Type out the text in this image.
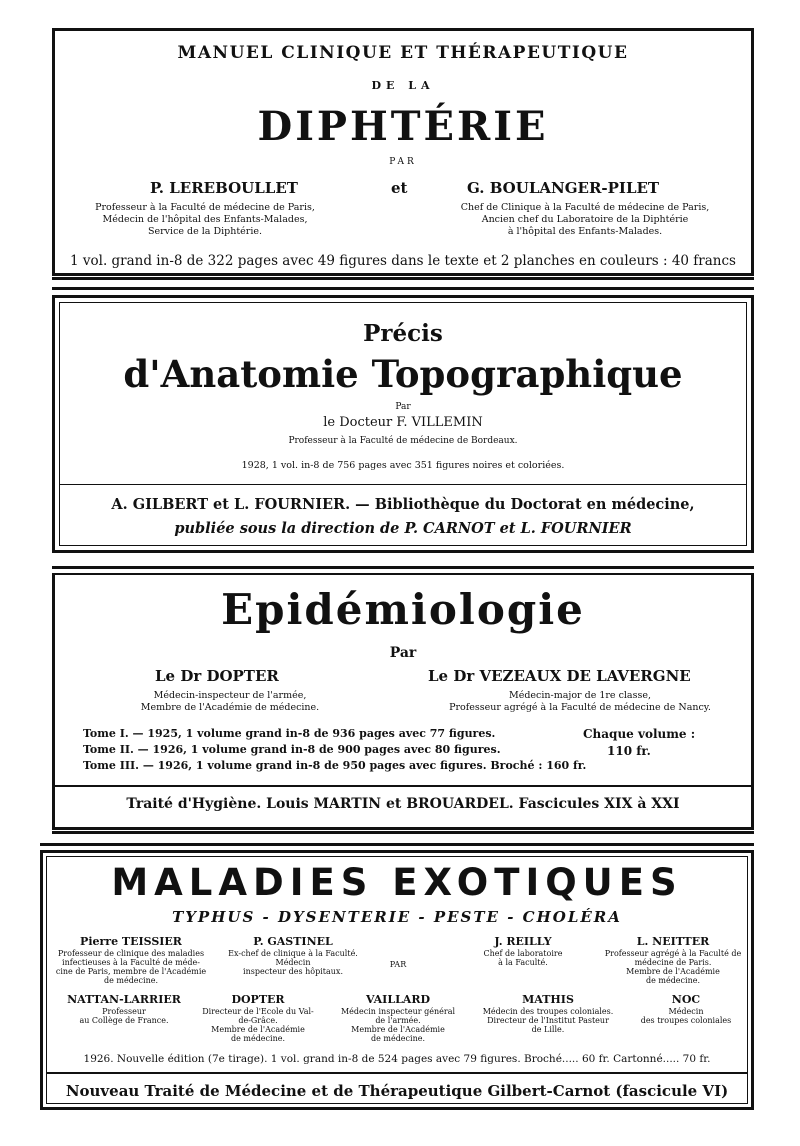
MANUEL CLINIQUE ET THÉRAPEUTIQUE
DE LA
DIPHTÉRIE
PAR
P. LEREBOULLET
Professeur à la Faculté de médecine de Paris,
Médecin de l'hôpital des Enfants-Malades,
Service de la Diphtérie.
et	G. BOULANGER-PILET
Chef de Clinique à la Faculté de médecine de Paris,
Ancien chef du Laboratoire de la Diphtérie
à l'hôpital des Enfants-Malades.
1 vol. grand in-8 de 322 pages avec 49 figures dans le texte et 2 planches en couleurs : 40 francs
Précis
d'Anatomie Topographique
Par
le Docteur F. VILLEMIN
Professeur à la Faculté de médecine de Bordeaux.
1928, 1 vol. in-8 de 756 pages avec 351 figures noires et coloriées.
A. GILBERT et L. FOURNIER. — Bibliothèque du Doctorat en médecine,
publiée sous la direction de P. CARNOT et L. FOURNIER
Epidémiologie
Par
Le Dr DOPTER
Médecin-inspecteur de l'armée,
Membre de l'Académie de médecine.
Le Dr VEZEAUX DE LAVERGNE
Médecin-major de 1re classe,
Professeur agrégé à la Faculté de médecine de Nancy.
Tome I. — 1925, 1 volume grand in-8 de 936 pages avec 77 figures.
Tome II. — 1926, 1 volume grand in-8 de 900 pages avec 80 figures.
Tome III. — 1926, 1 volume grand in-8 de 950 pages avec figures. Broché : 160 fr.
Chaque volume :
110 fr.
Traité d'Hygiène. Louis MARTIN et BROUARDEL. Fascicules XIX à XXI
MALADIES EXOTIQUES
TYPHUS - DYSENTERIE - PESTE - CHOLÉRA
Pierre TEISSIER
Professeur de clinique des maladies
infectieuses à la Faculté de méde-
cine de Paris, membre de l'Académie
de médecine.
P. GASTINEL
Ex-chef de clinique à la Faculté.
Médecin
inspecteur des hôpitaux.
PAR
J. REILLY
Chef de laboratoire
à la Faculté.
L. NEITTER
Professeur agrégé à la Faculté de
médecine de Paris.
Membre de l'Académie
de médecine.
NATTAN-LARRIER
Professeur
au Collège de France.
DOPTER
Directeur de l'Ecole du Val-
de-Grâce.
Membre de l'Académie
de médecine.
VAILLARD
Médecin inspecteur général
de l'armée.
Membre de l'Académie
de médecine.
MATHIS
Médecin des troupes coloniales.
Directeur de l'Institut Pasteur
de Lille.
NOC
Médecin
des troupes coloniales
1926. Nouvelle édition (7e tirage). 1 vol. grand in-8 de 524 pages avec 79 figures. Broché..... 60 fr. Cartonné..... 70 fr.
Nouveau Traité de Médecine et de Thérapeutique Gilbert-Carnot (fascicule VI)
